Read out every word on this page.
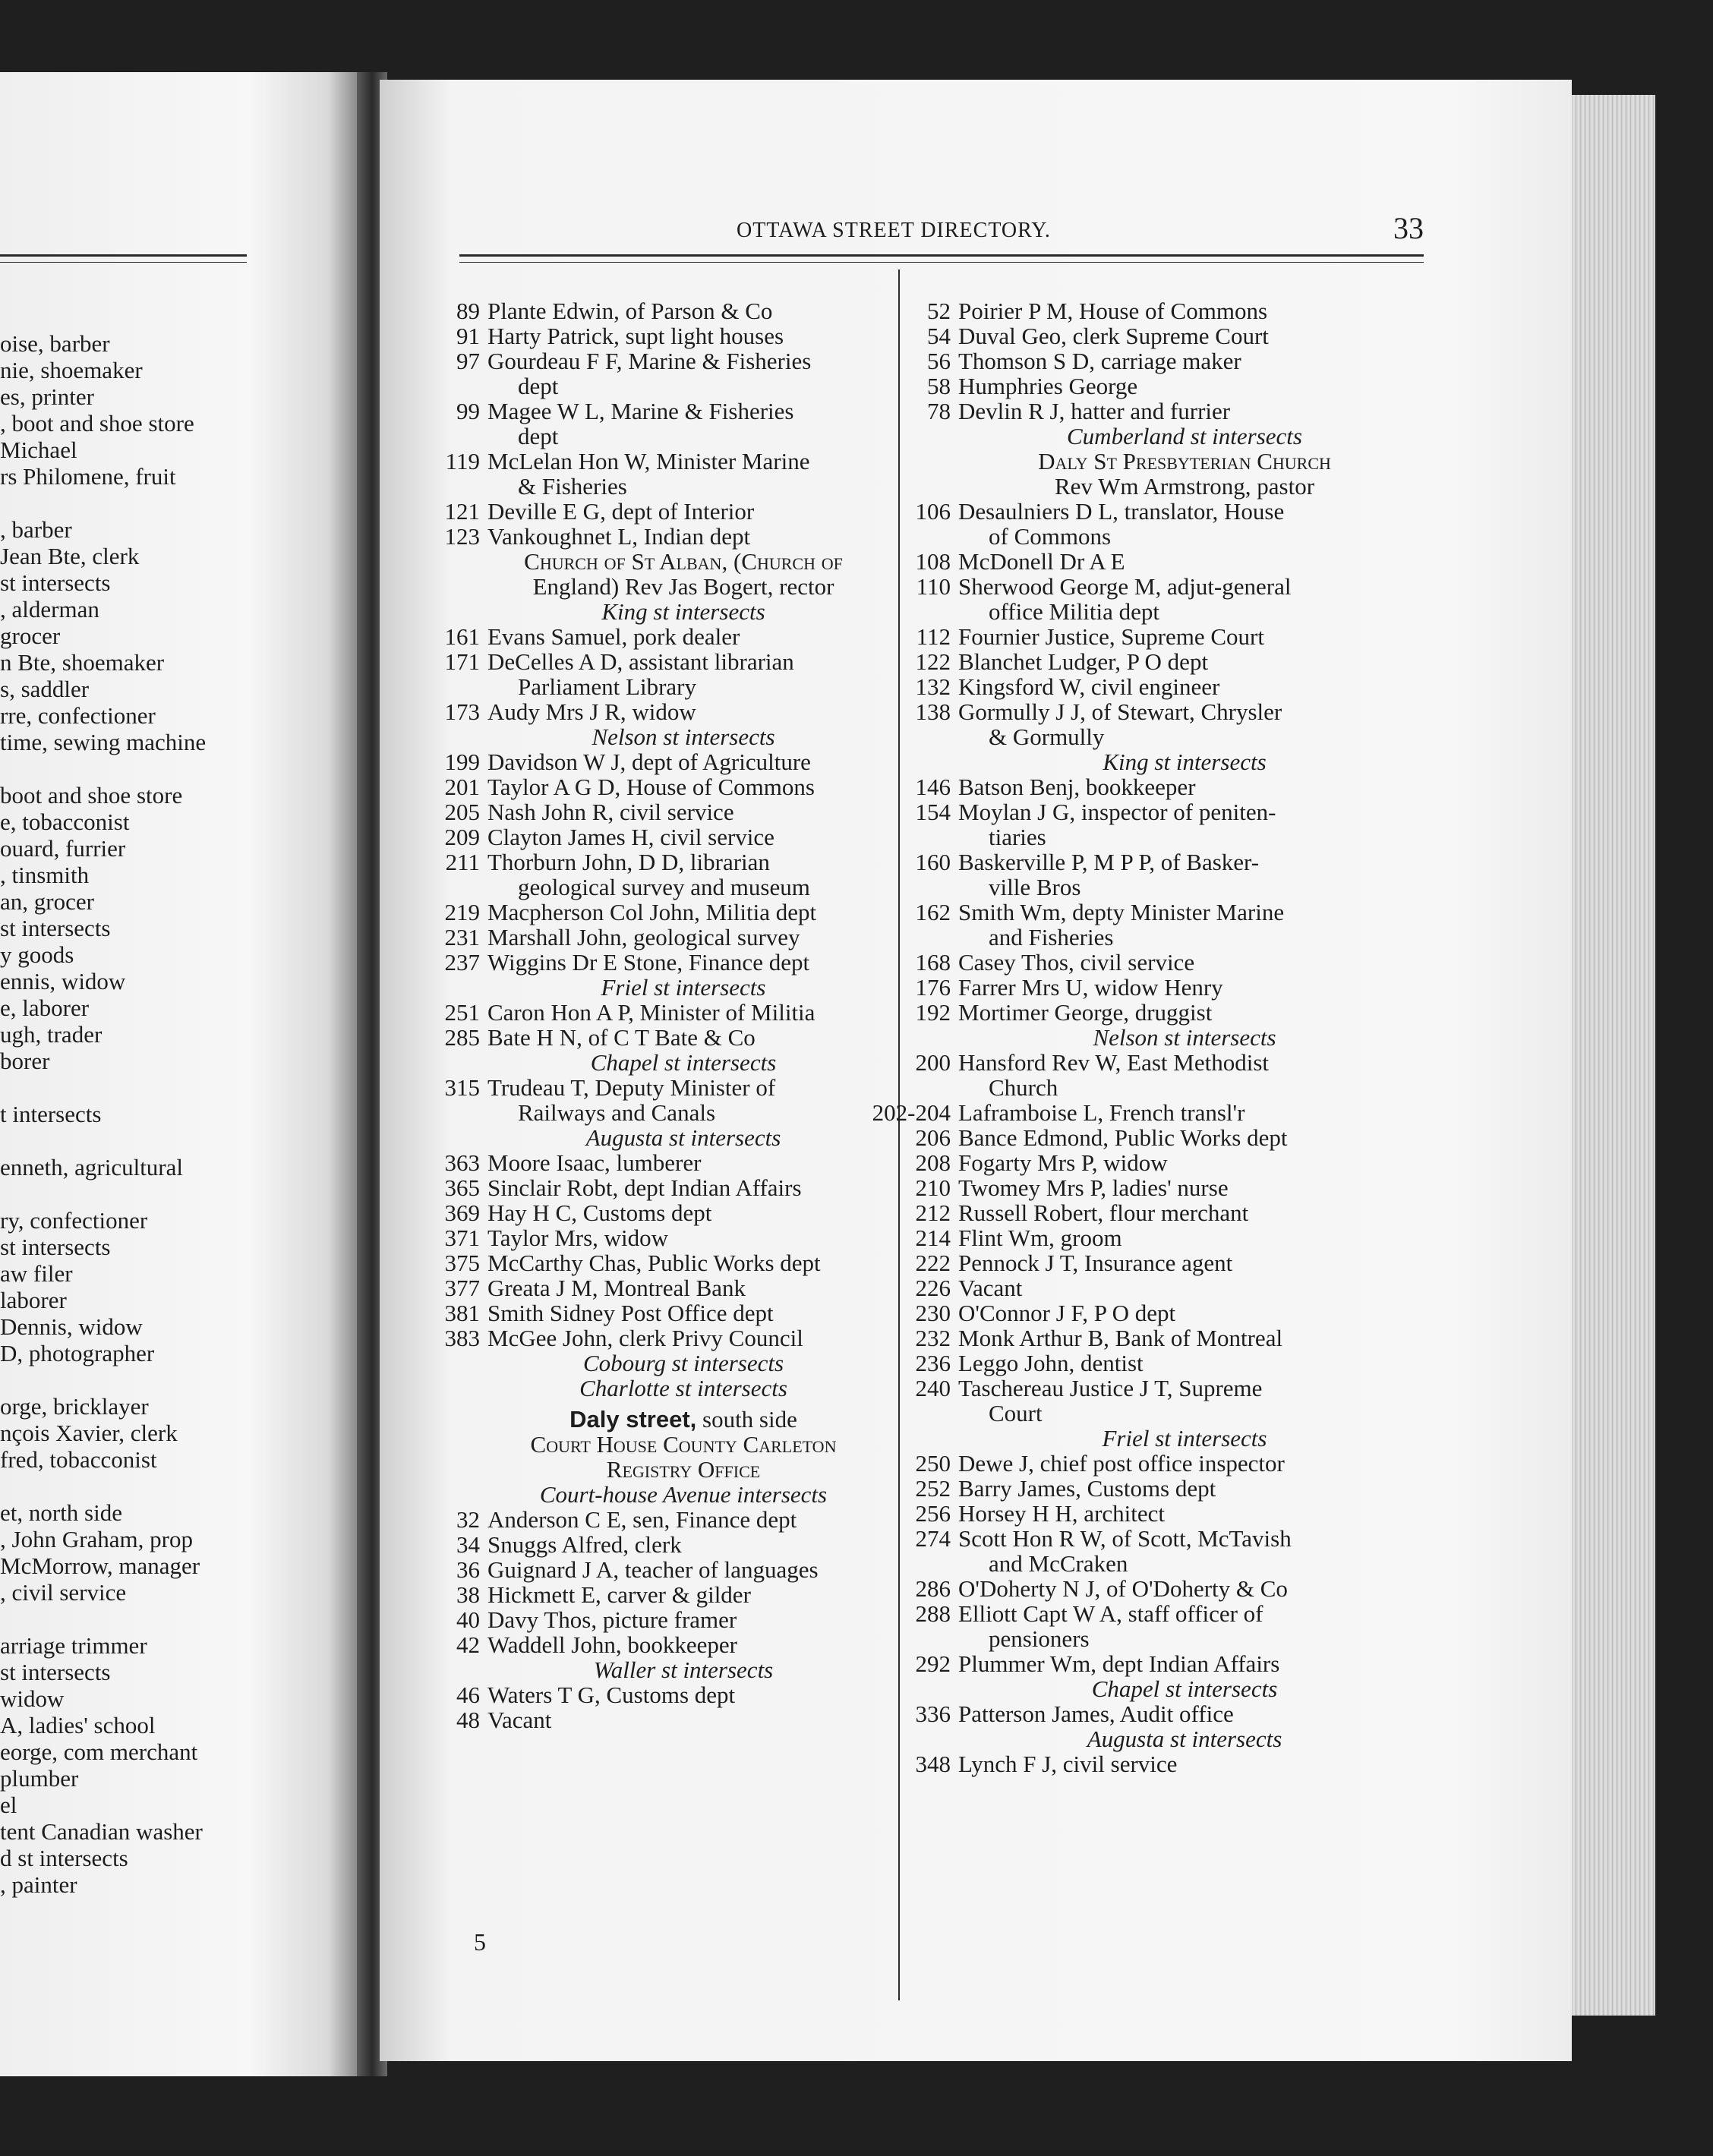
oise, barber
nie, shoemaker
es, printer
, boot and shoe store
Michael
rs Philomene, fruit
, barber
Jean Bte, clerk
st intersects
, alderman
grocer
n Bte, shoemaker
s, saddler
rre, confectioner
time, sewing machine
boot and shoe store
e, tobacconist
ouard, furrier
, tinsmith
an, grocer
st intersects
y goods
ennis, widow
e, laborer
ugh, trader
borer
t intersects
enneth, agricultural
ry, confectioner
st intersects
aw filer
laborer
Dennis, widow
D, photographer
orge, bricklayer
nçois Xavier, clerk
fred, tobacconist
et, north side
, John Graham, prop
McMorrow, manager
, civil service
arriage trimmer
st intersects
widow
A, ladies' school
eorge, com merchant
plumber
el
tent Canadian washer
d st intersects
, painter
OTTAWA STREET DIRECTORY.	33
89 Plante Edwin, of Parson & Co
91 Harty Patrick, supt light houses
97 Gourdeau F F, Marine & Fisheries
dept
99 Magee W L, Marine & Fisheries
dept
119 McLelan Hon W, Minister Marine
& Fisheries
121 Deville E G, dept of Interior
123 Vankoughnet L, Indian dept
Church of St Alban, (Church of
England) Rev Jas Bogert, rector
King st intersects
161 Evans Samuel, pork dealer
171 DeCelles A D, assistant librarian
Parliament Library
173 Audy Mrs J R, widow
Nelson st intersects
199 Davidson W J, dept of Agriculture
201 Taylor A G D, House of Commons
205 Nash John R, civil service
209 Clayton James H, civil service
211 Thorburn John, D D, librarian
geological survey and museum
219 Macpherson Col John, Militia dept
231 Marshall John, geological survey
237 Wiggins Dr E Stone, Finance dept
Friel st intersects
251 Caron Hon A P, Minister of Militia
285 Bate H N, of C T Bate & Co
Chapel st intersects
315 Trudeau T, Deputy Minister of
Railways and Canals
Augusta st intersects
363 Moore Isaac, lumberer
365 Sinclair Robt, dept Indian Affairs
369 Hay H C, Customs dept
371 Taylor Mrs, widow
375 McCarthy Chas, Public Works dept
377 Greata J M, Montreal Bank
381 Smith Sidney Post Office dept
383 McGee John, clerk Privy Council
Cobourg st intersects
Charlotte st intersects
Daly street, south side
Court House County Carleton
Registry Office
Court-house Avenue intersects
32 Anderson C E, sen, Finance dept
34 Snuggs Alfred, clerk
36 Guignard J A, teacher of languages
38 Hickmett E, carver & gilder
40 Davy Thos, picture framer
42 Waddell John, bookkeeper
Waller st intersects
46 Waters T G, Customs dept
48 Vacant
52 Poirier P M, House of Commons
54 Duval Geo, clerk Supreme Court
56 Thomson S D, carriage maker
58 Humphries George
78 Devlin R J, hatter and furrier
Cumberland st intersects
Daly St Presbyterian Church
Rev Wm Armstrong, pastor
106 Desaulniers D L, translator, House
of Commons
108 McDonell Dr A E
110 Sherwood George M, adjut-general
office Militia dept
112 Fournier Justice, Supreme Court
122 Blanchet Ludger, P O dept
132 Kingsford W, civil engineer
138 Gormully J J, of Stewart, Chrysler
& Gormully
King st intersects
146 Batson Benj, bookkeeper
154 Moylan J G, inspector of peniten-
tiaries
160 Baskerville P, M P P, of Basker-
ville Bros
162 Smith Wm, depty Minister Marine
and Fisheries
168 Casey Thos, civil service
176 Farrer Mrs U, widow Henry
192 Mortimer George, druggist
Nelson st intersects
200 Hansford Rev W, East Methodist
Church
202-204 Laframboise L, French transl'r
206 Bance Edmond, Public Works dept
208 Fogarty Mrs P, widow
210 Twomey Mrs P, ladies' nurse
212 Russell Robert, flour merchant
214 Flint Wm, groom
222 Pennock J T, Insurance agent
226 Vacant
230 O'Connor J F, P O dept
232 Monk Arthur B, Bank of Montreal
236 Leggo John, dentist
240 Taschereau Justice J T, Supreme
Court
Friel st intersects
250 Dewe J, chief post office inspector
252 Barry James, Customs dept
256 Horsey H H, architect
274 Scott Hon R W, of Scott, McTavish
and McCraken
286 O'Doherty N J, of O'Doherty & Co
288 Elliott Capt W A, staff officer of
pensioners
292 Plummer Wm, dept Indian Affairs
Chapel st intersects
336 Patterson James, Audit office
Augusta st intersects
348 Lynch F J, civil service
5
